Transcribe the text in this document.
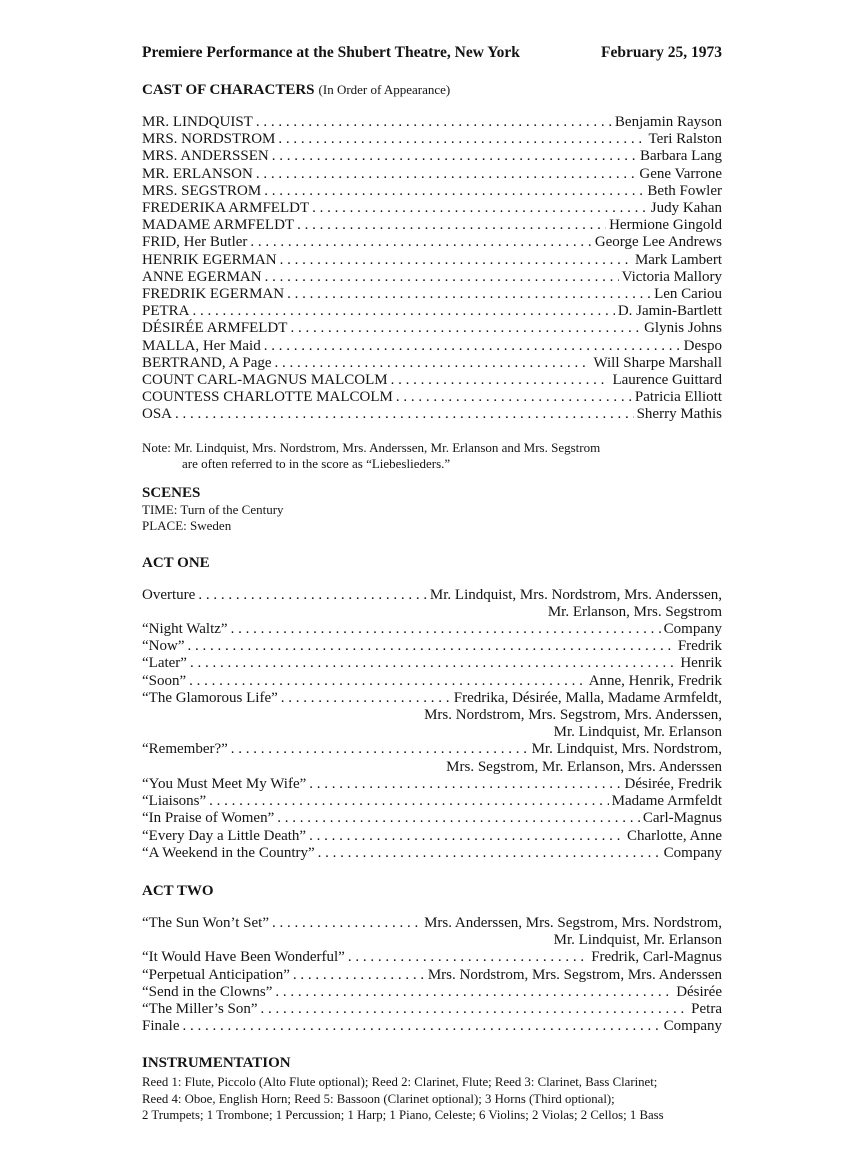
Premiere Performance at the Shubert Theatre, New York	February 25, 1973
CAST OF CHARACTERS (In Order of Appearance)
MR. LINDQUIST . . .	Benjamin Rayson
MRS. NORDSTROM . . .	Teri Ralston
MRS. ANDERSSEN . . .	Barbara Lang
MR. ERLANSON . . .	Gene Varrone
MRS. SEGSTROM . . .	Beth Fowler
FREDERIKA ARMFELDT . . .	Judy Kahan
MADAME ARMFELDT . . .	Hermione Gingold
FRID, Her Butler . . .	George Lee Andrews
HENRIK EGERMAN . . .	Mark Lambert
ANNE EGERMAN . . .	Victoria Mallory
FREDRIK EGERMAN . . .	Len Cariou
PETRA . . .	D. Jamin-Bartlett
DÉSIRÉE ARMFELDT . . .	Glynis Johns
MALLA, Her Maid . . .	Despo
BERTRAND, A Page . . .	Will Sharpe Marshall
COUNT CARL-MAGNUS MALCOLM . . .	Laurence Guittard
COUNTESS CHARLOTTE MALCOLM . . .	Patricia Elliott
OSA . . .	Sherry Mathis
Note: Mr. Lindquist, Mrs. Nordstrom, Mrs. Anderssen, Mr. Erlanson and Mrs. Segstrom
are often referred to in the score as “Liebeslieders.”
SCENES
TIME: Turn of the Century
PLACE: Sweden
ACT ONE
Overture . . .	Mr. Lindquist, Mrs. Nordstrom, Mrs. Anderssen,
Mr. Erlanson, Mrs. Segstrom
“Night Waltz” . . .	Company
“Now” . . .	Fredrik
“Later” . . .	Henrik
“Soon” . . .	Anne, Henrik, Fredrik
“The Glamorous Life” . . .	Fredrika, Désirée, Malla, Madame Armfeldt,
Mrs. Nordstrom, Mrs. Segstrom, Mrs. Anderssen,
Mr. Lindquist, Mr. Erlanson
“Remember?” . . .	Mr. Lindquist, Mrs. Nordstrom,
Mrs. Segstrom, Mr. Erlanson, Mrs. Anderssen
“You Must Meet My Wife” . . .	Désirée, Fredrik
“Liaisons” . . .	Madame Armfeldt
“In Praise of Women” . . .	Carl-Magnus
“Every Day a Little Death” . . .	Charlotte, Anne
“A Weekend in the Country” . . .	Company
ACT TWO
“The Sun Won’t Set” . . .	Mrs. Anderssen, Mrs. Segstrom, Mrs. Nordstrom,
Mr. Lindquist, Mr. Erlanson
“It Would Have Been Wonderful” . . .	Fredrik, Carl-Magnus
“Perpetual Anticipation” . . .	Mrs. Nordstrom, Mrs. Segstrom, Mrs. Anderssen
“Send in the Clowns” . . .	Désirée
“The Miller’s Son” . . .	Petra
Finale . . .	Company
INSTRUMENTATION
Reed 1: Flute, Piccolo (Alto Flute optional); Reed 2: Clarinet, Flute; Reed 3: Clarinet, Bass Clarinet;
Reed 4: Oboe, English Horn; Reed 5: Bassoon (Clarinet optional); 3 Horns (Third optional);
2 Trumpets; 1 Trombone; 1 Percussion; 1 Harp; 1 Piano, Celeste; 6 Violins; 2 Violas; 2 Cellos; 1 Bass
